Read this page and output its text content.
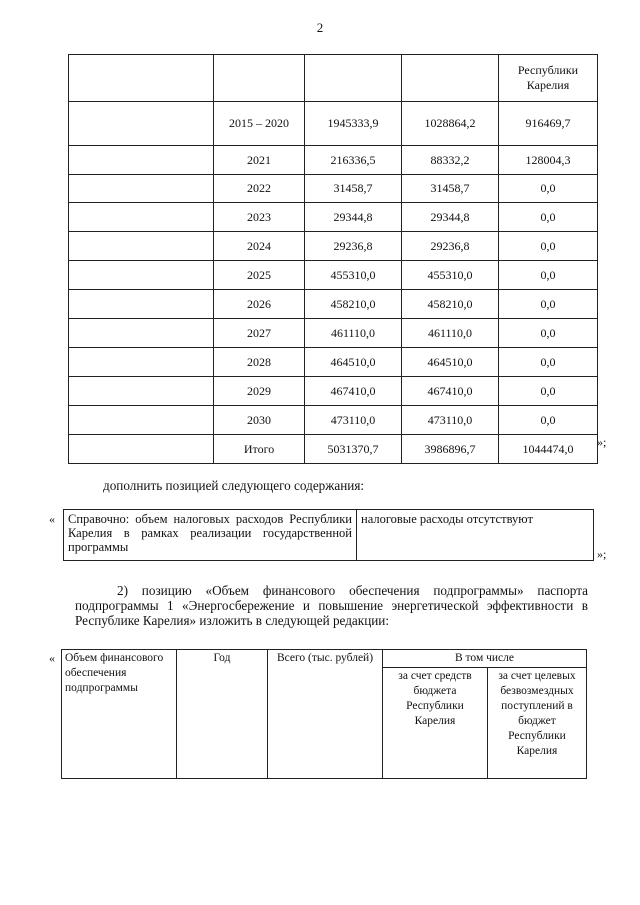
2
				Республики
Карелия
	2015 – 2020	1945333,9	1028864,2	916469,7
	2021	216336,5	88332,2	128004,3
	2022	31458,7	31458,7	0,0
	2023	29344,8	29344,8	0,0
	2024	29236,8	29236,8	0,0
	2025	455310,0	455310,0	0,0
	2026	458210,0	458210,0	0,0
	2027	461110,0	461110,0	0,0
	2028	464510,0	464510,0	0,0
	2029	467410,0	467410,0	0,0
	2030	473110,0	473110,0	0,0
	Итого	5031370,7	3986896,7	1044474,0 »;
дополнить позицией следующего содержания:
« Справочно: объем налоговых расходов Республики Карелия в рамках реализации государственной программы	налоговые расходы отсутствуют
»;
2) позицию «Объем финансового обеспечения подпрограммы» паспорта подпрограммы 1 «Энергосбережение и повышение энергетической эффективности в Республике Карелия» изложить в следующей редакции:
« Объем финансового обеспечения подпрограммы	Год	Всего (тыс. рублей)	В том числе	
			за счет средств бюджета Республики Карелия	за счет целевых безвозмездных поступлений в бюджет Республики Карелия
